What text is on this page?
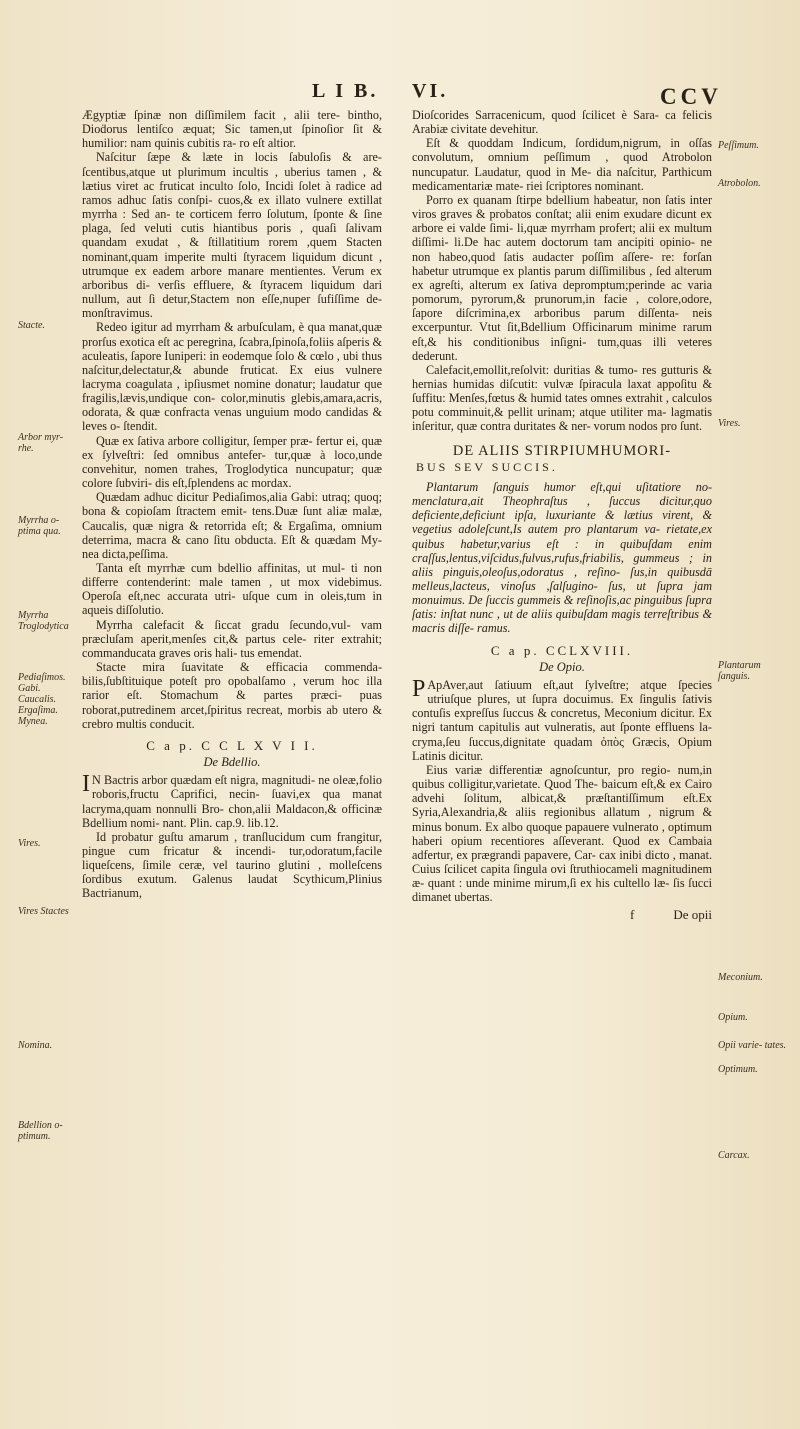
L I B. VI.	CCV

Ægyptiæ ſpinæ non diſſimilem facit , alii tere- bintho, Dioḋorus lentiſco æquat; Sic tamen,ut ſpinoſior ſit & humilior: nam quinis cubitis ra- ro eſt altior.

Naſcitur ſæpe & læte in locis ſabuloſis & are- ſcentibus,atque ut plurimum incultis , uberius tamen , & lætius viret ac fruticat inculto ſolo, Incidi ſolet à radice ad ramos adhuc ſatis conſpi- cuos,& ex illato vulnere extillat myrrha : Sed an- te corticem ferro ſolutum, ſponte & ſine plaga, ſed veluti cutis hiantibus poris , quaſi ſalivam quandam exudat , & ſtillatitium rorem ,quem Stacten nominant,quam imperite multi ſtyracem liquidum dicunt , utrumque ex eadem arbore manare mentientes. Verum ex arboribus di- verſis effluere, & ſtyracem liquidum dari nullum, aut ſi detur,Stactem non eſſe,nuper ſufiſſime de- monſtravimus.

Redeo igitur ad myrrham & arbuſculam, è qua manat,quæ prorſus exotica eſt ac peregrina, ſcabra,ſpinoſa,foliis aſperis & aculeatis, ſapore Iuniperi: in eodemque ſolo & cœlo , ubi thus naſcitur,delectatur,& abunde fruticat. Ex eius vulnere lacryma coagulata , ipſiusmet nomine donatur; laudatur que fragilis,lævis,undique con- color,minutis glebis,amara,acris, odorata, & quæ confracta venas unguium modo candidas & leves o- ſtendit.

Quæ ex ſativa arbore colligitur, ſemper præ- fertur ei, quæ ex ſylveſtri: ſed omnibus antefer- tur,quæ à loco,unde convehitur, nomen trahes, Troglodytica nuncupatur; quæ colore ſubviri- dis eſt,ſplendens ac mordax.

Quædam adhuc dicitur Pediaſimos,alia Gabi: utraq; quoq; bona & copioſam ſtractem emit- tens.Duæ ſunt aliæ malæ, Caucalis, quæ nigra & retorrida eſt; & Ergaſima, omnium deterrima, macra & cano ſitu obducta. Eſt & quædam My- nea dicta,peſſima.

Tanta eſt myrrhæ cum bdellio affinitas, ut mul- ti non differre contenderint: male tamen , ut mox videbimus. Operoſa eſt,nec accurata utri- uſque cum in oleis,tum in aqueis diſſolutio.

Myrrha calefacit & ſiccat gradu ſecundo,vul- vam præcluſam aperit,menſes cit,& partus cele- riter extrahit; commanducata graves oris hali- tus emendat.

Stacte mira ſuavitate & efficacia commenda- bilis,ſubſtituique poteſt pro opobalſamo , verum hoc illa rarior eſt. Stomachum & partes præci- puas roborat,putredinem arcet,ſpiritus recreat, morbis ab utero & crebro multis conducit.

C a p. C C L X V I I.
De Bdellio.

IN Bactris arbor quædam eſt nigra, magnitudi- ne oleæ,folio roboris,fructu Caprifici, necin- ſuavi,ex qua manat lacryma,quam nonnulli Bro- chon,alii Maldacon,& officinæ Bdellium nomi- nant. Plin. cap.9. lib.12.

Id probatur guſtu amarum , tranſlucidum cum frangitur, pingue cum fricatur & incendi- tur,odoratum,facile liqueſcens, ſimile ceræ, vel taurino glutini , molleſcens ſordibus exutum. Galenus laudat Scythicum,Plinius Bactrianum,

Dioſcorides Sarracenicum, quod ſcilicet è Sara- ca felicis Arabiæ civitate devehitur.

Eſt & quoddam Indicum, ſordidum,nigrum, in oſſas convolutum, omnium peſſimum , quod Atrobolon nuncupatur. Laudatur, quod in Me- dia naſcitur, Parthicum medicamentariæ mate- riei ſcriptores nominant.

Porro ex quanam ſtirpe bdellium habeatur, non ſatis inter viros graves & probatos conſtat; alii enim exudare dicunt ex arbore ei valde ſimi- li,quæ myrrham profert; alii ex multum diſſimi- li.De hac autem doctorum tam ancipiti opinio- ne non habeo,quod ſatis audacter poſſim aſſere- re: forſan habetur utrumque ex plantis parum diſſimilibus , ſed alterum ex agreſti, alterum ex ſativa depromptum;perinde ac varia pomorum, pyrorum,& prunorum,in facie , colore,odore, ſapore diſcrimina,ex arboribus parum diſſenta- neis excerpuntur. Vtut ſit,Bdellium Officinarum minime rarum eſt,& his conditionibus inſigni- tum,quas illi veteres dederunt.

Calefacit,emollit,reſolvit: duritias & tumo- res gutturis & hernias humidas diſcutit: vulvæ ſpiracula laxat appoſitu & ſuffitu: Menſes,fœtus & humid tates omnes extrahit , calculos potu comminuit,& pellit urinam; atque utiliter ma- lagmatis inſeritur, quæ contra duritates & ner- vorum nodos pro ſunt.

DE ALIIS STIRPIUMHUMORI-
BUS SEV SUCCIS.

Plantarum ſanguis humor eſt,qui uſitatiore no- menclatura,ait Theophraſtus , ſuccus dicitur,quo deficiente,deficiunt ipſa, luxuriante & lætius virent, & vegetius adoleſcunt,Is autem pro plantarum va- rietate,ex quibus habetur,varius eſt : in quibuſdam enim craſſus,lentus,viſcidus,fulvus,rufus,friabilis, gummeus ; in aliis pinguis,oleoſus,odoratus , reſino- ſus,in quibusdā melleus,lacteus, vinoſus ,ſalſugino- ſus, ut ſupra jam monuimus. De ſuccis gummeis & reſinoſis,ac pinguibus ſupra ſatis: inſtat nunc , ut de aliis quibuſdam magis terreſtribus & macris diſſe- ramus.

C a p. CCLXVIII.
De Opio.

PApAver,aut ſatiuum eſt,aut ſylveſtre; atque ſpecies utriuſque plures, ut ſupra docuimus. Ex ſingulis ſativis contuſis expreſſus ſuccus & concretus, Meconium dicitur. Ex nigri tantum capitulis aut vulneratis, aut ſponte effluens la- cryma,ſeu ſuccus,dignitate quadam ὀπὸς Græcis, Opium Latinis dicitur.

Eius variæ differentiæ agnoſcuntur, pro regio- num,in quibus colligitur,varietate. Quod The- baicum eſt,& ex Cairo advehi ſolitum, albicat,& præſtantiſſimum eſt.Ex Syria,Alexandria,& aliis regionibus allatum , nigrum & minus bonum. Ex albo quoque papauere vulnerato , optimum haberi opium recentiores aſſeverant. Quod ex Cambaia adfertur, ex prægrandi papavere, Car- cax inibi dicto , manat. Cuius ſcilicet capita ſingula ovi ſtruthiocameli magnitudinem æ- quant : unde minime mirum,ſi ex his cultello læ- ſis ſucci dimanet ubertas.

f	De opii
Stacte.
Arbor myr- rhe.
Myrrha o- ptima qua.
Myrrha Troglodytica
Pediaſimos. Gabi. Caucalis. Ergaſima. Mynea.
Vires.
Vires Stactes
Nomina.
Bdellion o- ptimum.
Peſſimum.
Atrobolon.
Vires.
Plantarum ſanguis.
Meconium.
Opium.
Opii varie- tates.
Optimum.
Carcax.
